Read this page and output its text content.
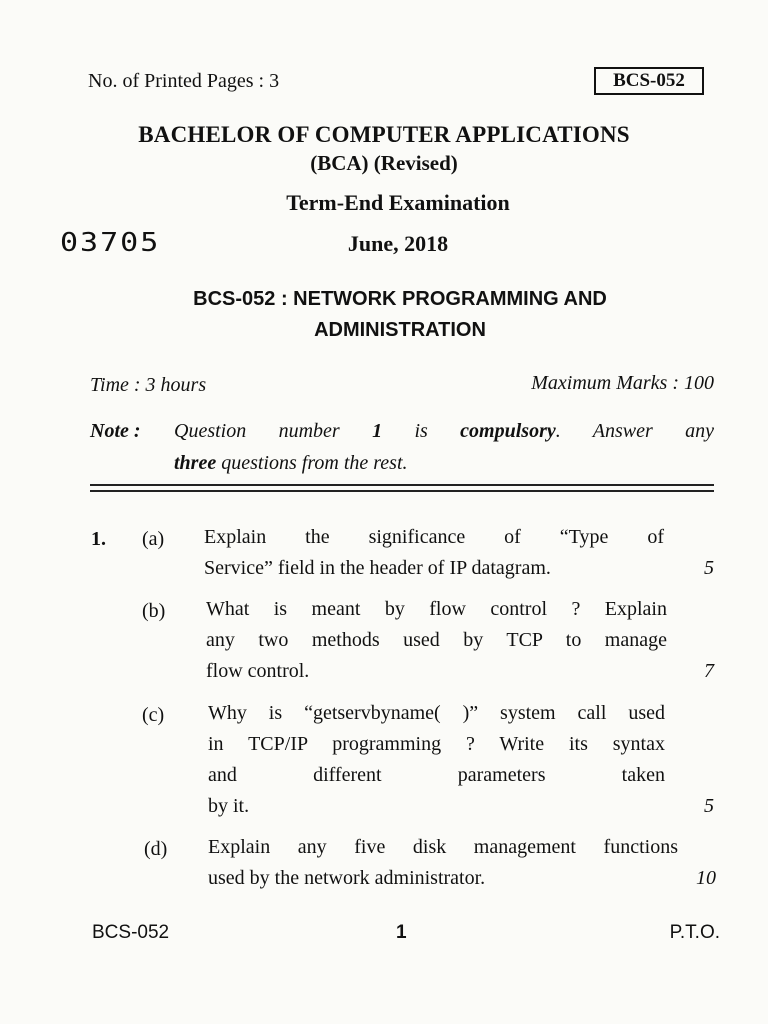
No. of Printed Pages : 3	BCS-052
BACHELOR OF COMPUTER APPLICATIONS
(BCA) (Revised)
Term-End Examination
03705	June, 2018
BCS-052 : NETWORK PROGRAMMING AND
ADMINISTRATION
Time : 3 hours	Maximum Marks : 100
Note : Question number 1 is compulsory. Answer any
three questions from the rest.
1. (a) Explain the significance of “Type of
Service” field in the header of IP datagram.	5
(b) What is meant by flow control ? Explain
any two methods used by TCP to manage
flow control.	7
(c) Why is “getservbyname( )” system call used
in TCP/IP programming ? Write its syntax
and different parameters taken
by it.	5
(d) Explain any five disk management functions
used by the network administrator.	10
BCS-052	1	P.T.O.
